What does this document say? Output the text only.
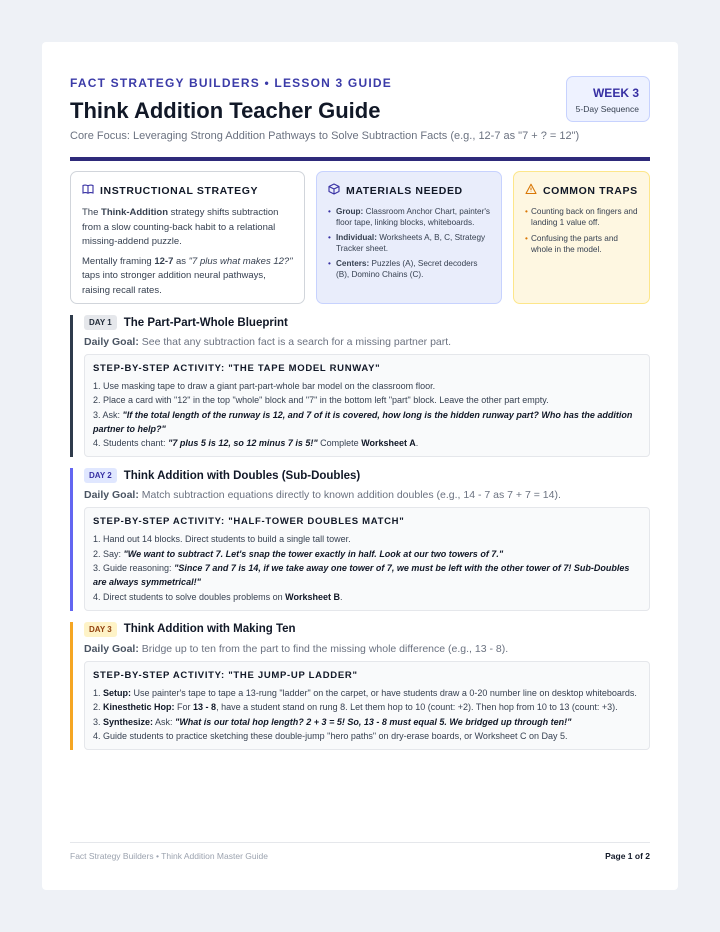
FACT STRATEGY BUILDERS • LESSON 3 GUIDE
Think Addition Teacher Guide
Core Focus: Leveraging Strong Addition Pathways to Solve Subtraction Facts (e.g., 12-7 as "7 + ? = 12")
WEEK 3
5-Day Sequence
INSTRUCTIONAL STRATEGY

The Think-Addition strategy shifts subtraction from a slow counting-back habit to a relational missing-addend puzzle.

Mentally framing 12-7 as "7 plus what makes 12?" taps into stronger addition neural pathways, raising recall rates.

MATERIALS NEEDED
• Group: Classroom Anchor Chart, painter's floor tape, linking blocks, whiteboards.
• Individual: Worksheets A, B, C, Strategy Tracker sheet.
• Centers: Puzzles (A), Secret decoders (B), Domino Chains (C).
COMMON TRAPS
• Counting back on fingers and landing 1 value off.
• Confusing the parts and whole in the model.
DAY 1	The Part-Part-Whole Blueprint
Daily Goal: See that any subtraction fact is a search for a missing partner part.
STEP-BY-STEP ACTIVITY: "THE TAPE MODEL RUNWAY"
1. Use masking tape to draw a giant part-part-whole bar model on the classroom floor.
2. Place a card with "12" in the top "whole" block and "7" in the bottom left "part" block. Leave the other part empty.
3. Ask: "If the total length of the runway is 12, and 7 of it is covered, how long is the hidden runway part? Who has the addition partner to help?"
4. Students chant: "7 plus 5 is 12, so 12 minus 7 is 5!" Complete Worksheet A.
DAY 2	Think Addition with Doubles (Sub-Doubles)
Daily Goal: Match subtraction equations directly to known addition doubles (e.g., 14 - 7 as 7 + 7 = 14).
STEP-BY-STEP ACTIVITY: "HALF-TOWER DOUBLES MATCH"
1. Hand out 14 blocks. Direct students to build a single tall tower.
2. Say: "We want to subtract 7. Let's snap the tower exactly in half. Look at our two towers of 7."
3. Guide reasoning: "Since 7 and 7 is 14, if we take away one tower of 7, we must be left with the other tower of 7! Sub-Doubles are always symmetrical!"
4. Direct students to solve doubles problems on Worksheet B.
DAY 3	Think Addition with Making Ten
Daily Goal: Bridge up to ten from the part to find the missing whole difference (e.g., 13 - 8).
STEP-BY-STEP ACTIVITY: "THE JUMP-UP LADDER"
1. Setup: Use painter's tape to tape a 13-rung "ladder" on the carpet, or have students draw a 0-20 number line on desktop whiteboards.
2. Kinesthetic Hop: For 13 - 8, have a student stand on rung 8. Let them hop to 10 (count: +2). Then hop from 10 to 13 (count: +3).
3. Synthesize: Ask: "What is our total hop length? 2 + 3 = 5! So, 13 - 8 must equal 5. We bridged up through ten!"
4. Guide students to practice sketching these double-jump "hero paths" on dry-erase boards, or Worksheet C on Day 5.
Fact Strategy Builders • Think Addition Master Guide	Page 1 of 2
